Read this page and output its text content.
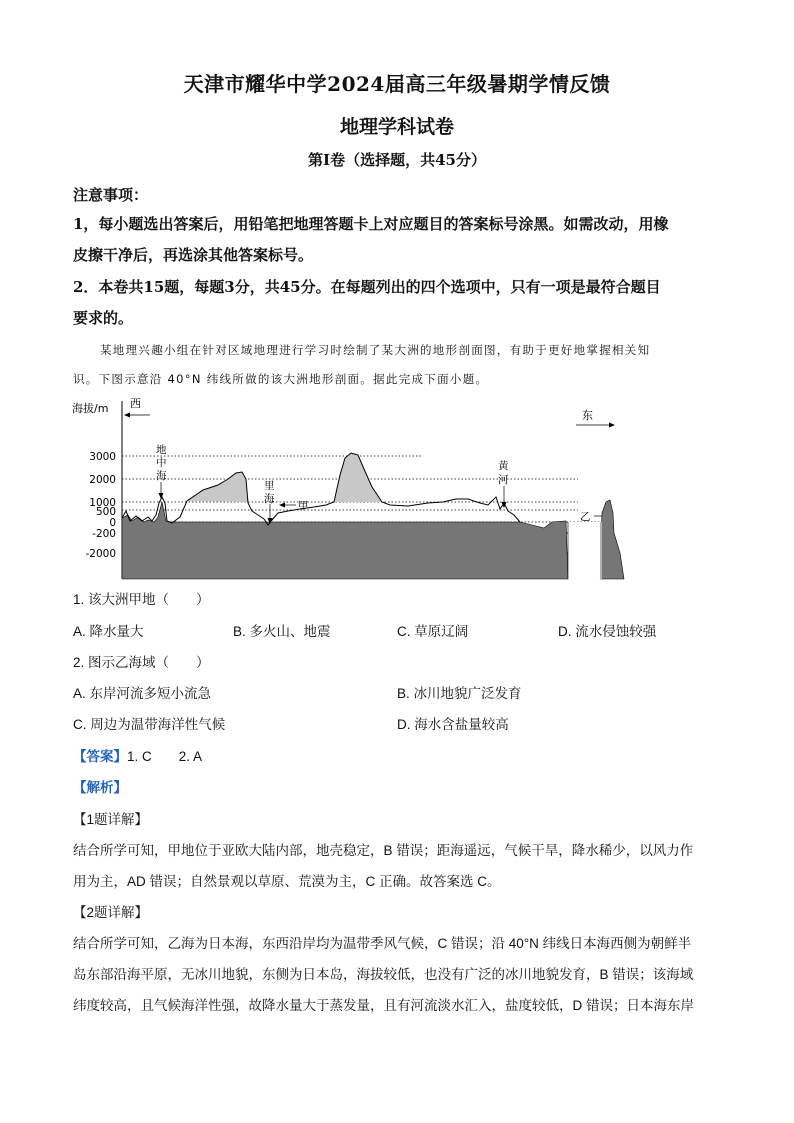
天津市耀华中学2024届高三年级暑期学情反馈
地理学科试卷
第Ⅰ卷（选择题，共45分）
注意事项：
1，每小题选出答案后，用铅笔把地理答题卡上对应题目的答案标号涂黑。如需改动，用橡
皮擦干净后，再选涂其他答案标号。
2．本卷共15题，每题3分，共45分。在每题列出的四个选项中，只有一项是最符合题目
要求的。
某地理兴趣小组在针对区域地理进行学习时绘制了某大洲的地形剖面图，有助于更好地掌握相关知
识。下图示意沿 40°N 纬线所做的该大洲地形剖面。据此完成下面小题。
海拔/m 西
东
3000
2000
1000
500
0
-200
-2000
地
中
海
里
海
甲
黄
河
乙
1. 该大洲甲地（　　）
A. 降水量大	B. 多火山、地震	C. 草原辽阔	D. 流水侵蚀较强
2. 图示乙海域（　　）
A. 东岸河流多短小流急	B. 冰川地貌广泛发育
C. 周边为温带海洋性气候	D. 海水含盐量较高
【答案】1. C　　2. A
【解析】
【1题详解】
结合所学可知，甲地位于亚欧大陆内部，地壳稳定，B 错误；距海遥远，气候干旱，降水稀少，以风力作
用为主，AD 错误；自然景观以草原、荒漠为主，C 正确。故答案选 C。
【2题详解】
结合所学可知，乙海为日本海，东西沿岸均为温带季风气候，C 错误；沿 40°N 纬线日本海西侧为朝鲜半
岛东部沿海平原，无冰川地貌，东侧为日本岛，海拔较低，也没有广泛的冰川地貌发育，B 错误；该海域
纬度较高，且气候海洋性强，故降水量大于蒸发量，且有河流淡水汇入，盐度较低，D 错误；日本海东岸
